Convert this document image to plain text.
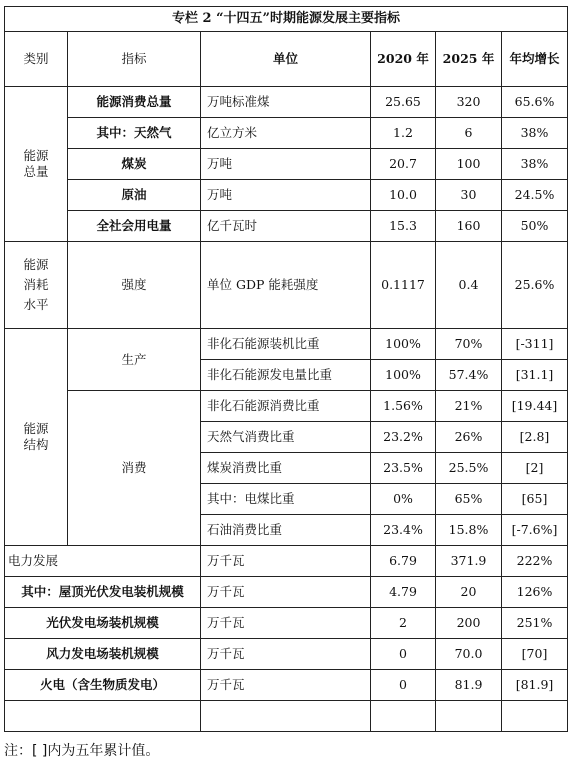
专栏 2 “十四五”时期能源发展主要指标					
类别	指标	单位	2020 年	2025 年	年均增长
能源总量	能源消费总量	万吨标准煤	25.65	320	65.6%
	其中：天然气	亿立方米	1.2	6	38%
	煤炭	万吨	20.7	100	38%
	原油	万吨	10.0	30	24.5%
	全社会用电量	亿千瓦时	15.3	160	50%
能源消耗水平	强度	单位 GDP 能耗强度	0.1117	0.4	25.6%
能源结构	生产	非化石能源装机比重	100%	70%	[-311]
		非化石能源发电量比重	100%	57.4%	[31.1]
	消费	非化石能源消费比重	1.56%	21%	[19.44]
		天然气消费比重	23.2%	26%	[2.8]
		煤炭消费比重	23.5%	25.5%	[2]
		其中：电煤比重	0%	65%	[65]
		石油消费比重	23.4%	15.8%	[-7.6%]
电力发展		万千瓦	6.79	371.9	222%
其中：屋顶光伏发电装机规模		万千瓦	4.79	20	126%
光伏发电场装机规模		万千瓦	2	200	251%
风力发电场装机规模		万千瓦	0	70.0	[70]
火电（含生物质发电）		万千瓦	0	81.9	[81.9]

注：[ ]内为五年累计值。
